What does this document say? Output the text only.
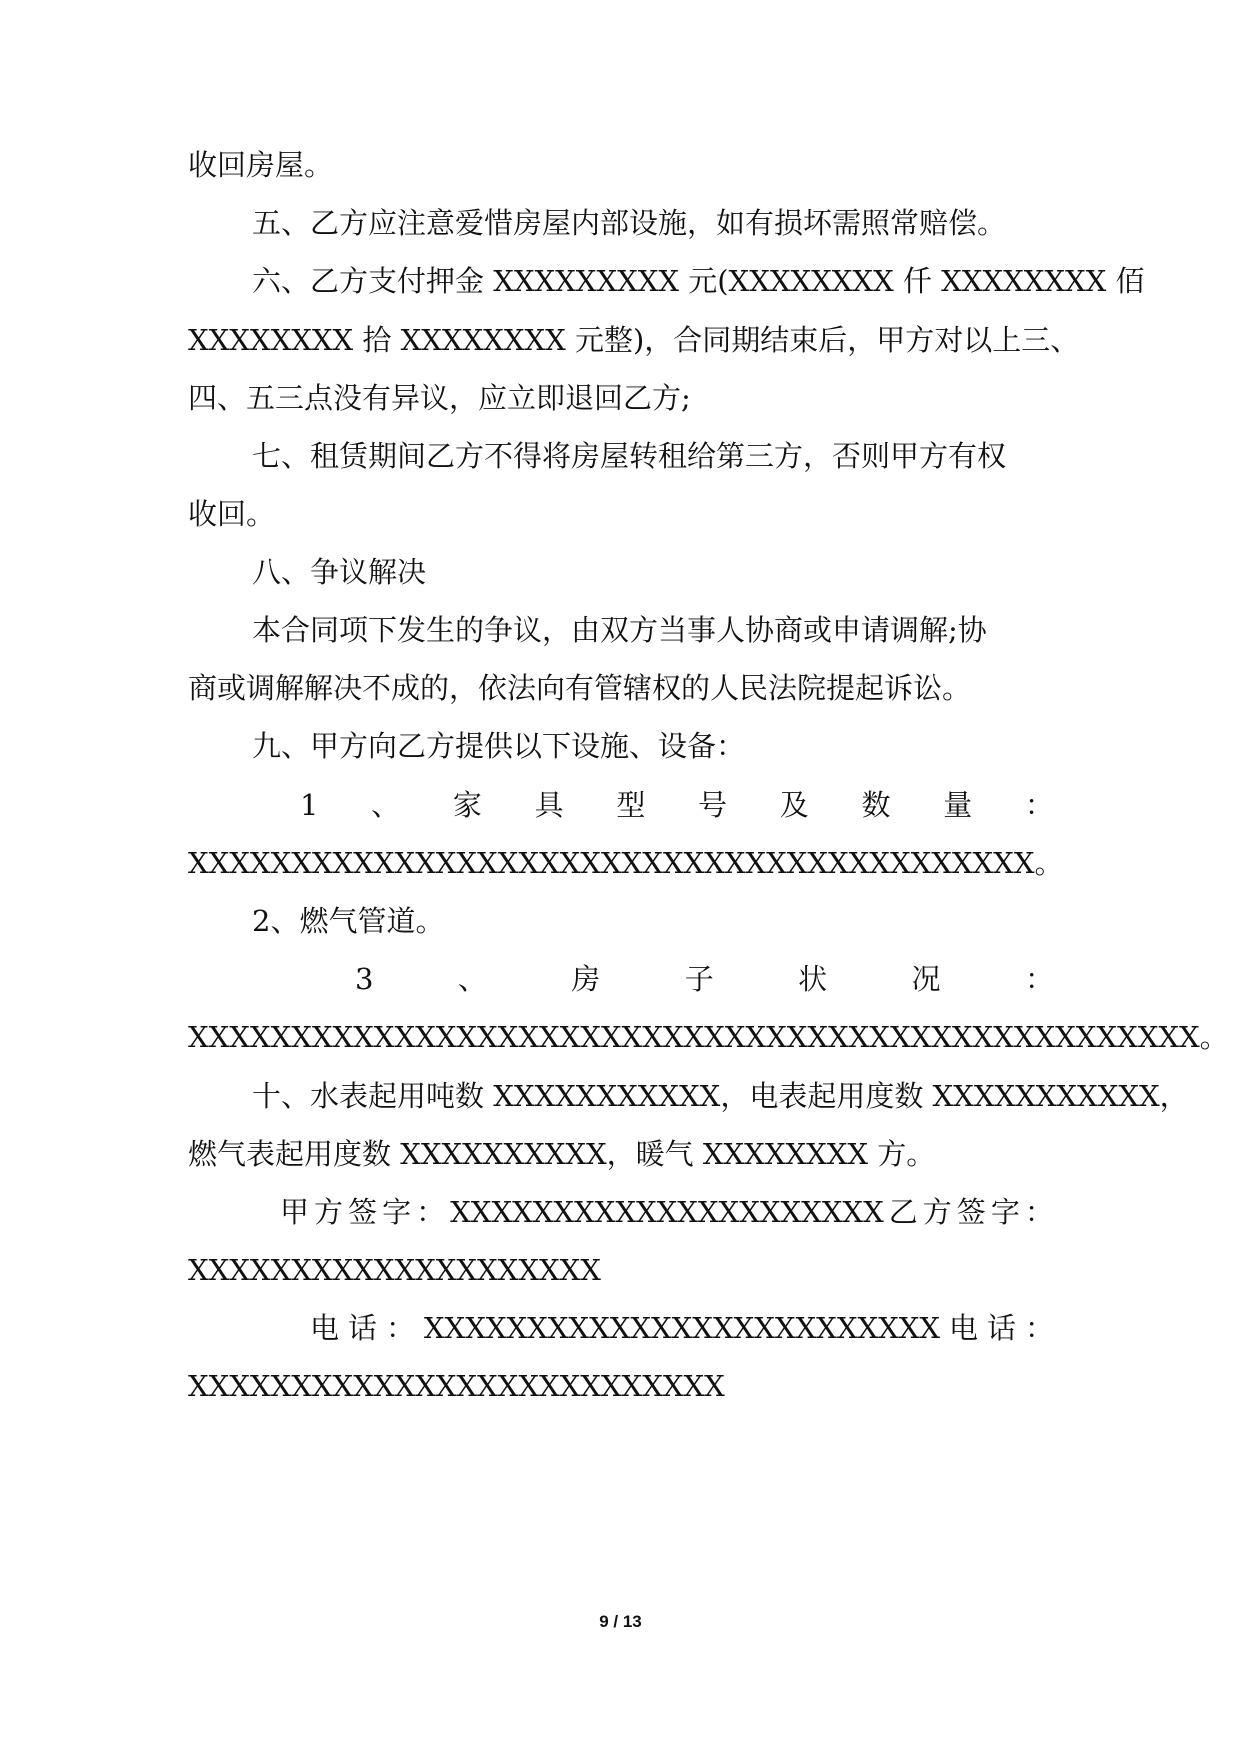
收回房屋。
五、乙方应注意爱惜房屋内部设施，如有损坏需照常赔偿。
六、乙方支付押金 XXXXXXXXX 元(XXXXXXXX 仟 XXXXXXXX 佰
XXXXXXXX 拾 XXXXXXXX 元整)，合同期结束后，甲方对以上三、
四、五三点没有异议，应立即退回乙方;
七、租赁期间乙方不得将房屋转租给第三方，否则甲方有权
收回。
八、争议解决
本合同项下发生的争议，由双方当事人协商或申请调解;协
商或调解解决不成的，依法向有管辖权的人民法院提起诉讼。
九、甲方向乙方提供以下设施、设备：
1 、 家 具 型 号 及 数 量 ：
XXXXXXXXXXXXXXXXXXXXXXXXXXXXXXXXXXXXXXXXX。
2、燃气管道。
3	、	房	子	状	况	：
XXXXXXXXXXXXXXXXXXXXXXXXXXXXXXXXXXXXXXXXXXXXXXXXX。
十、水表起用吨数 XXXXXXXXXXX，电表起用度数 XXXXXXXXXXX，
燃气表起用度数 XXXXXXXXXX，暖气 XXXXXXXX 方。
甲 方 签 字 ： XXXXXXXXXXXXXXXXXXXXX 乙 方 签 字 ：
XXXXXXXXXXXXXXXXXXXX
电 话 ： XXXXXXXXXXXXXXXXXXXXXXXXX 电 话 ：
XXXXXXXXXXXXXXXXXXXXXXXXXX
9 / 13
